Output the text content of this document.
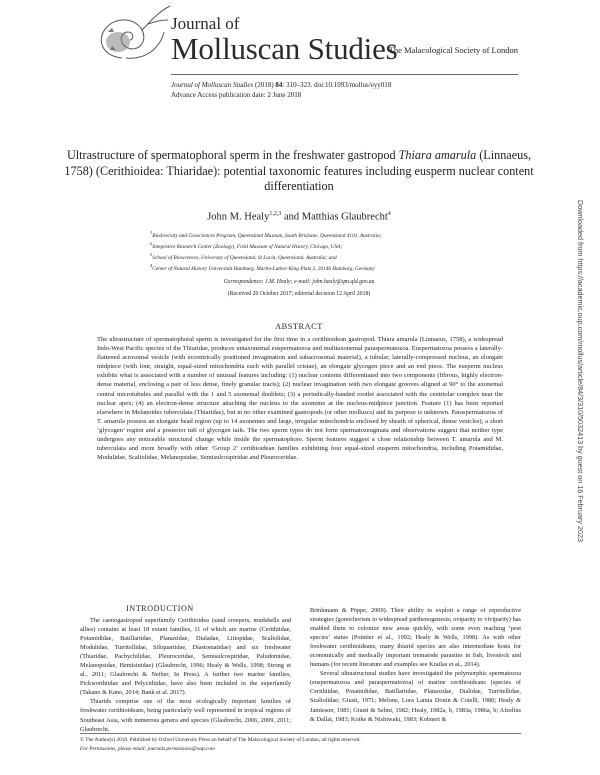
Journal of
Molluscan Studies
The Malacological Society of London
Journal of Molluscan Studies (2018) 84: 310–323. doi:10.1093/mollus/eyy018
Advance Access publication date: 2 June 2018
Ultrastructure of spermatophoral sperm in the freshwater gastropod Thiara amarula (Linnaeus, 1758) (Cerithioidea: Thiaridae): potential taxonomic features including eusperm nuclear content differentiation
John M. Healy$^{1,2,3}$ and Matthias Glaubrecht$^4$
$^1$Biodiversity and Geosciences Program, Queensland Museum, South Brisbane, Queensland 4101, Australia;
$^2$Integrative Research Center (Zoology), Field Museum of Natural History, Chicago, USA;
$^3$School of Biosciences, University of Queensland, St Lucia, Queensland, Australia; and
$^4$Center of Natural History Universität Hamburg, Martin-Luther-King Platz 3, 20146 Hamburg, Germany
Correspondence: J.M. Healy; e-mail: john.healy@qm.qld.gov.au
(Received 20 October 2017; editorial decision 12 April 2018)
ABSTRACT
The ultrastructure of spermatophoral sperm is investigated for the first time in a cerithioidean gastropod. Thiara amarula (Linnaeus, 1758), a widespread Indo-West Pacific species of the Thiaridae, produces uniaxonemal euspermatozoa and multiaxonemal paraspermatozoa. Euspermatozoa possess a laterally-flattened acrosomal vesicle (with eccentrically positioned invagination and subacrosomal material), a tubular, laterally-compressed nucleus, an elongate midpiece (with four, straight, equal-sized mitochondria each with parallel cristae), an elongate glycogen piece and an end piece. The eusperm nucleus exhibits what is associated with a number of unusual features including: (1) nuclear contents differentiated into two components (fibrous, highly electron-dense material, enclosing a pair of less dense, finely granular tracts); (2) nuclear invagination with two elongate grooves aligned at 90° to the axonemal central microtubules and parallel with the 1 and 5 axonemal doublets; (3) a periodically-banded rootlet associated with the centriolar complex near the nuclear apex; (4) an electron-dense structure attaching the nucleus to the axoneme at the nucleus-midpiece junction. Feature (1) has been reported elsewhere in Melanoides tuberculata (Thiaridae), but in no other examined gastropods (or other molluscs) and its purpose is unknown. Paraspermatozoa of T. amarula possess an elongate head region (up to 14 axonemes and large, irregular mitochondria enclosed by sheath of spherical, dense vesicles), a short ‘glycogen’ region and a posterior tuft of glycogen tails. The two sperm types do not form spermatozeugmata and observations suggest that neither type undergoes any noticeable structural change while inside the spermatophore. Sperm features suggest a close relationship between T. amarula and M. tuberculata and more broadly with other ‘Group 2’ cerithioidean families exhibiting four equal-sized eusperm mitochondria, including Potamididae, Modulidae, Scaliolidae, Melanopsidae, Semisulcospiridae and Pleuroceridae.
INTRODUCTION

The caenogastropod superfamily Cerithioidea (sand creepers, mudshells and allies) contains at least 18 extant families, 11 of which are marine (Cerithiidae, Potamididae, Batillariidae, Planaxidae, Dialadae, Litiopidae, Scaliolidae, Modulidae, Turritellidae, Siliquariidae, Diastomatidae) and six freshwater (Thiaridae, Pachychilidae, Pleuroceridae, Semisulcospiridae, Paludomidae, Melanopsidae, Hemisinidae) (Glaubrecht, 1996; Healy & Wells, 1998; Strong et al., 2011; Glaubrecht & Neiber, In Press). A further two marine families, Pickworthiidae and Pelycidiidae, have also been included in the superfamily (Takano & Kano, 2014; Bank et al. 2017).

Thiarids comprise one of the most ecologically important families of freshwater cerithioideans, being particularly well represented in tropical regions of Southeast Asia, with numerous genera and species (Glaubrecht, 2006, 2009, 2011; Glaubrecht,

Brinkmann & Pöppe, 2009). Their ability to exploit a range of reproductive strategies (gonochorism to widespread parthenogenesis; oviparity to viviparity) has enabled them to colonize new areas quickly, with some even reaching ‘pest species’ status (Pointier et al., 1992; Healy & Wells, 1998). As with other freshwater cerithioideans, many thiarid species are also intermediate hosts for economically and medically important trematode parasites in fish, livestock and humans (for recent literature and examples see Krailas et al., 2014).

Several ultrastructural studies have investigated the polymorphic spermatozoa (euspermatozoa and paraspermatozoa) of marine cerithioideans (species of Cerithiidae, Potamididae, Batillariidae, Planaxidae, Dialidae, Turritellidae, Scaliolidae; Giusti, 1971; Melone, Lora Lamia Donin & Cotelli, 1980; Healy & Jamieson, 1981; Giusti & Selmi, 1982; Healy, 1982a, b, 1983a, 1986a, b; Afzelius & Dallai, 1983; Koike & Nishiwaki, 1983; Kohnert &

© The Author(s) 2018. Published by Oxford University Press on behalf of The Malacological Society of London, all rights reserved.
For Permissions, please email: journals.permissions@oup.com
Downloaded from https://academic.oup.com/mollus/article/84/3/310/5032413 by guest on 16 February 2023
